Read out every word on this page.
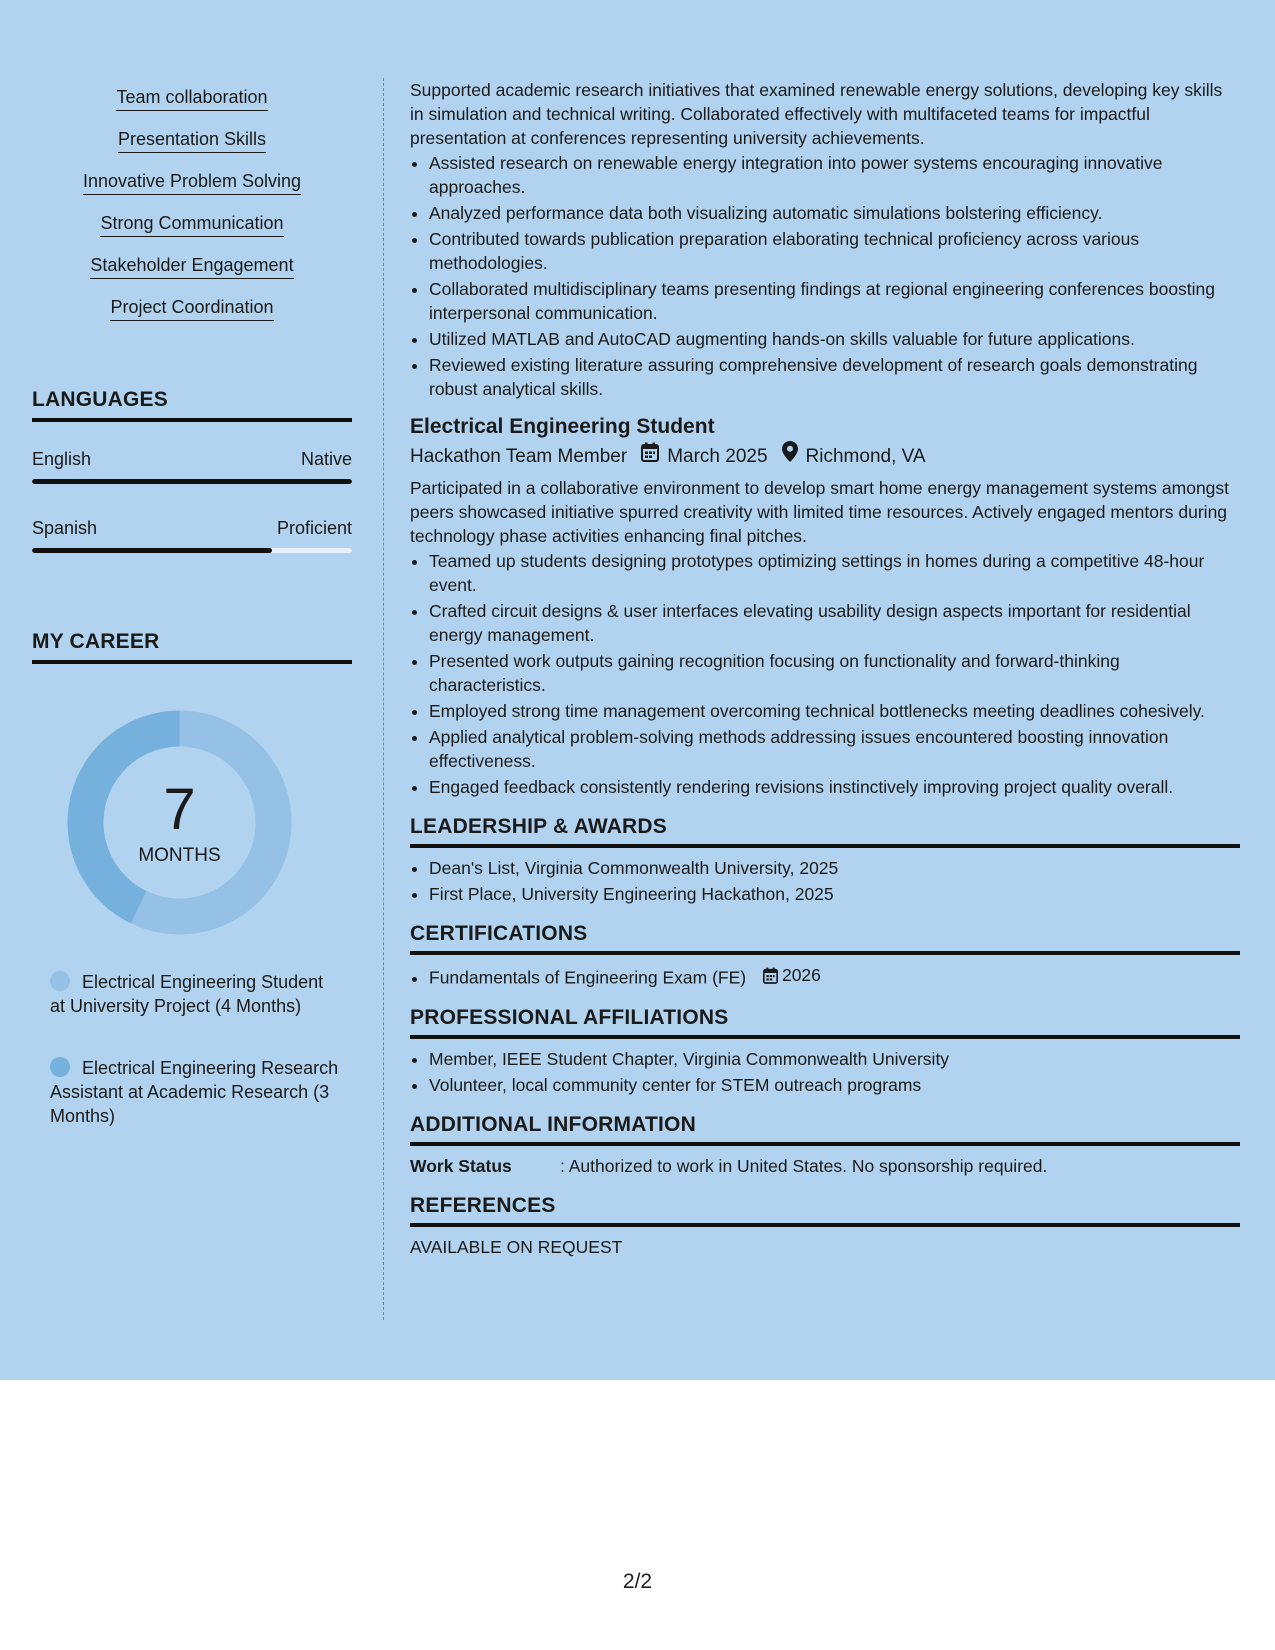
Team collaboration
Presentation Skills
Innovative Problem Solving
Strong Communication
Stakeholder Engagement
Project Coordination
LANGUAGES
English	Native
Spanish	Proficient
MY CAREER
7
MONTHS
Electrical Engineering Student at University Project (4 Months)
Electrical Engineering Research Assistant at Academic Research (3 Months)

Supported academic research initiatives that examined renewable energy solutions, developing key skills in simulation and technical writing. Collaborated effectively with multifaceted teams for impactful presentation at conferences representing university achievements.

• Assisted research on renewable energy integration into power systems encouraging innovative approaches.
• Analyzed performance data both visualizing automatic simulations bolstering efficiency.
• Contributed towards publication preparation elaborating technical proficiency across various methodologies.
• Collaborated multidisciplinary teams presenting findings at regional engineering conferences boosting interpersonal communication.
• Utilized MATLAB and AutoCAD augmenting hands-on skills valuable for future applications.
• Reviewed existing literature assuring comprehensive development of research goals demonstrating robust analytical skills.
Electrical Engineering Student
Hackathon Team Member March 2025 Richmond, VA

Participated in a collaborative environment to develop smart home energy management systems amongst peers showcased initiative spurred creativity with limited time resources. Actively engaged mentors during technology phase activities enhancing final pitches.

• Teamed up students designing prototypes optimizing settings in homes during a competitive 48-hour event.
• Crafted circuit designs & user interfaces elevating usability design aspects important for residential energy management.
• Presented work outputs gaining recognition focusing on functionality and forward-thinking characteristics.
• Employed strong time management overcoming technical bottlenecks meeting deadlines cohesively.
• Applied analytical problem-solving methods addressing issues encountered boosting innovation effectiveness.
• Engaged feedback consistently rendering revisions instinctively improving project quality overall.
LEADERSHIP & AWARDS
• Dean's List, Virginia Commonwealth University, 2025
• First Place, University Engineering Hackathon, 2025
CERTIFICATIONS
• Fundamentals of Engineering Exam (FE) 2026
PROFESSIONAL AFFILIATIONS
• Member, IEEE Student Chapter, Virginia Commonwealth University
• Volunteer, local community center for STEM outreach programs
ADDITIONAL INFORMATION
Work Status	: Authorized to work in United States. No sponsorship required.
REFERENCES
AVAILABLE ON REQUEST
2/2
